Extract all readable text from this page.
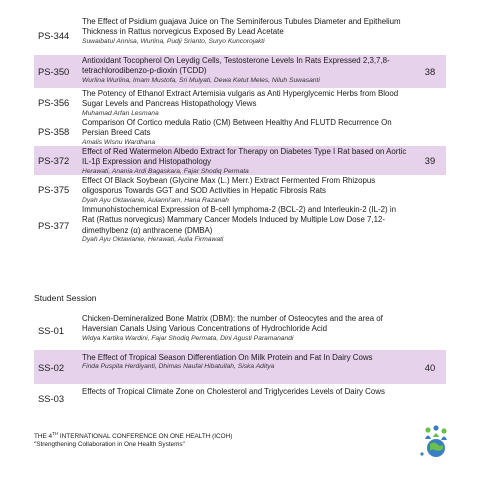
PS-344
The Effect of Psidium guajava Juice on The Seminiferous Tubules Diameter and Epithelium Thickness in Rattus norvegicus Exposed By Lead Acetate
Suwaibatul Annisa, Wurlina, Pudji Srianto, Suryo Kuncorojakti
PS-350
Antioxidant Tocopherol On Leydig Cells, Testosterone Levels In Rats Expressed 2,3,7,8-tetrachlorodibenzo-p-dioxin (TCDD)
Wurlina Wurlina, Imam Mustofa, Sri Mulyati, Dewa Ketut Meles, Niluh Suwasanti
38
PS-356
The Potency of Ethanol Extract Artemisia vulgaris as Anti Hyperglycemic Herbs from Blood Sugar Levels and Pancreas Histopathology Views
Muhamad Arfan Lesmana
PS-358
Comparison Of Cortico medula Ratio (CM) Between Healthy And FLUTD Recurrence On Persian Breed Cats
Amalis Wisnu Wardhana
PS-372
Effect of Red Watermelon Albedo Extract for Therapy on Diabetes Type I Rat based on Aortic IL-1β Expression and Histopathology
Herawati, Anania Ardi Bagaskara, Fajar Shodiq Permata
39
PS-375
Effect Of Black Soybean (Glycine Max (L.) Merr.) Extract Fermented From Rhizopus oligosporus Towards GGT and SOD Activities in Hepatic Fibrosis Rats
Dyah Ayu Oktavianie, Aulanni'am, Hana Razanah
PS-377
Immunohistochemical Expression of B-cell lymphoma-2 (BCL-2) and Interleukin-2 (IL-2) in Rat (Rattus norvegicus) Mammary Cancer Models Induced by Multiple Low Dose 7,12-dimethylbenz (α) anthracene (DMBA)
Dyah Ayu Oktavianie, Herawati, Aulia Firmawati
Student Session
SS-01
Chicken-Demineralized Bone Matrix (DBM): the number of Osteocytes and the area of Haversian Canals Using Various Concentrations of Hydrochloride Acid
Widya Kartika Wardini, Fajar Shodiq Permata, Dini Agusti Paramanandi
SS-02
The Effect of Tropical Season Differentiation On Milk Protein and Fat In Dairy Cows
Finda Puspita Herdiyanti, Dhimas Naufal Hibatullah, Siska Aditya	40
SS-03
Effects of Tropical Climate Zone on Cholesterol and Triglycerides Levels of Dairy Cows
THE 4TH INTERNATIONAL CONFERENCE ON ONE HEALTH (ICOH)
"Strengthening Collaboration in One Health Systems"
